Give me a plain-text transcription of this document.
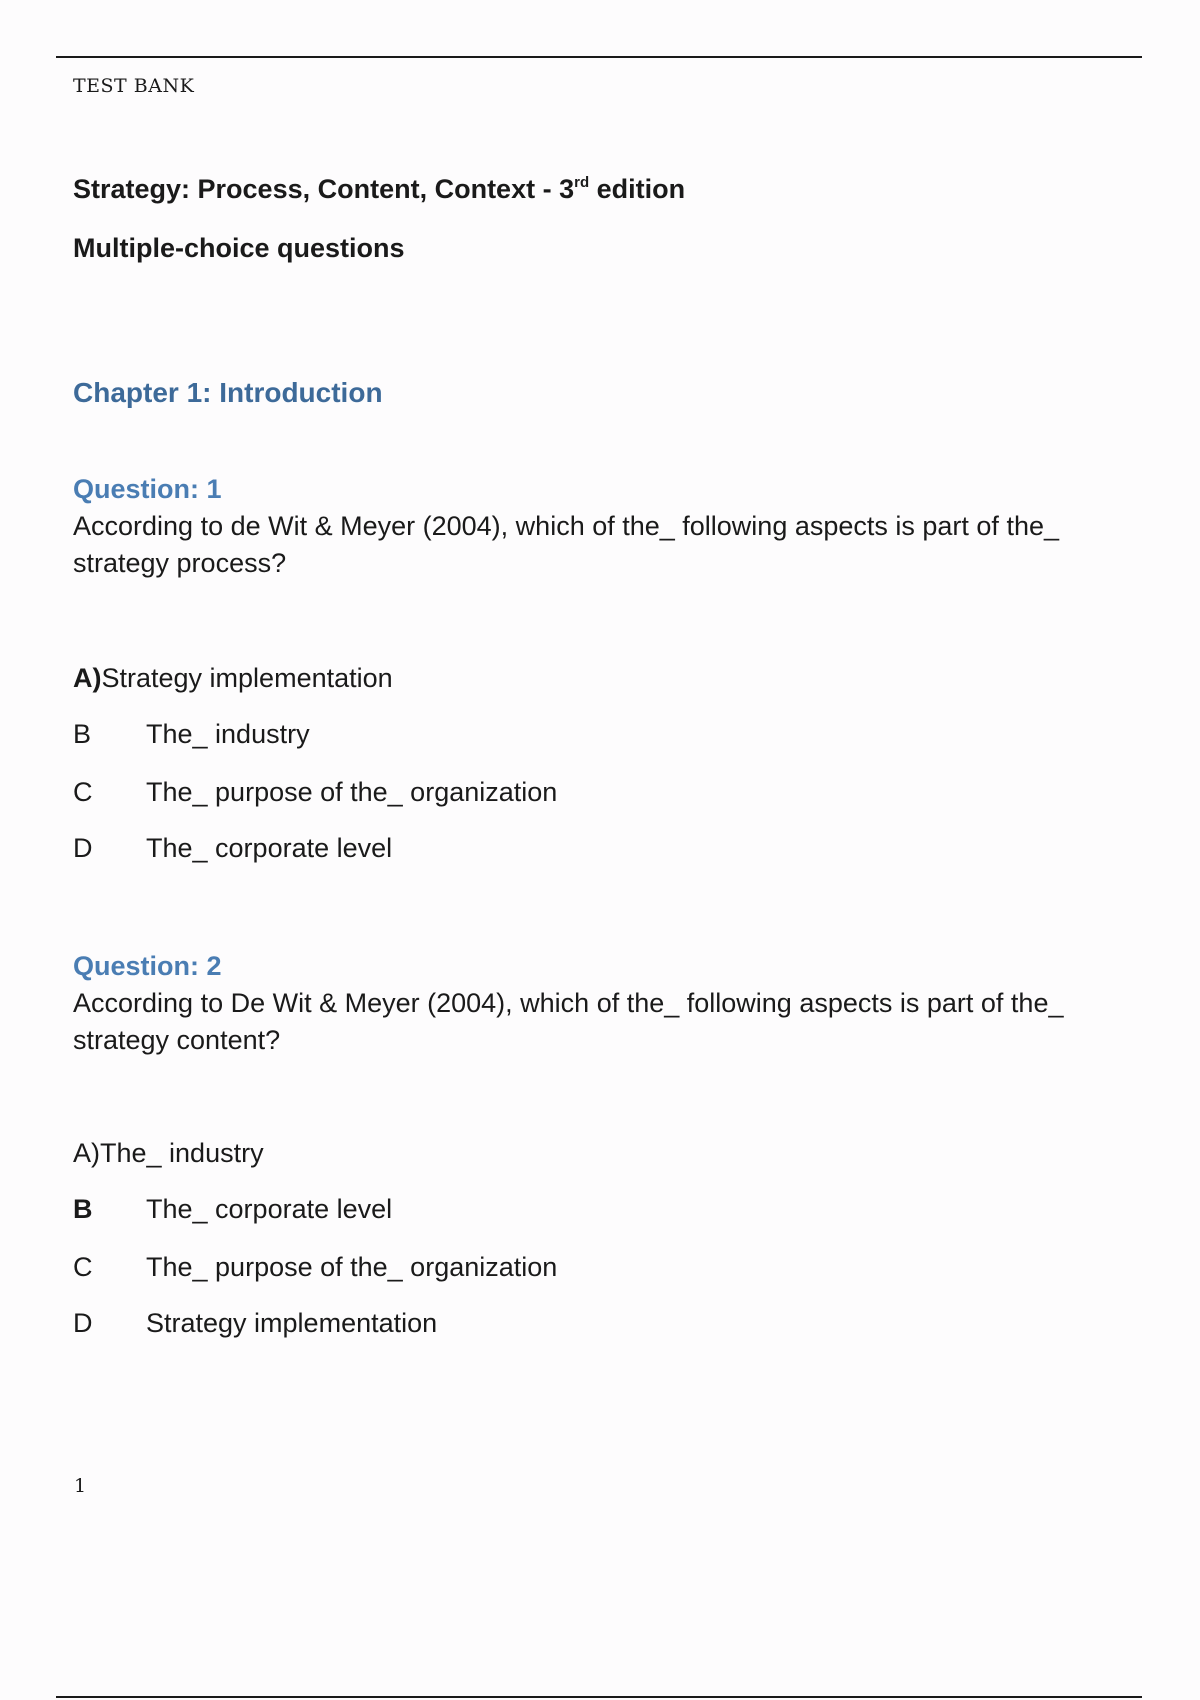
TEST BANK
Strategy: Process, Content, Context - 3rd edition
Multiple-choice questions
Chapter 1: Introduction
Question: 1

According to de Wit & Meyer (2004), which of the_ following aspects is part of the_ strategy process?

A)Strategy implementation
B The_ industry
C The_ purpose of the_ organization
D The_ corporate level
Question: 2

According to De Wit & Meyer (2004), which of the_ following aspects is part of the_ strategy content?

A)The_ industry
B The_ corporate level
C The_ purpose of the_ organization
D Strategy implementation
1
